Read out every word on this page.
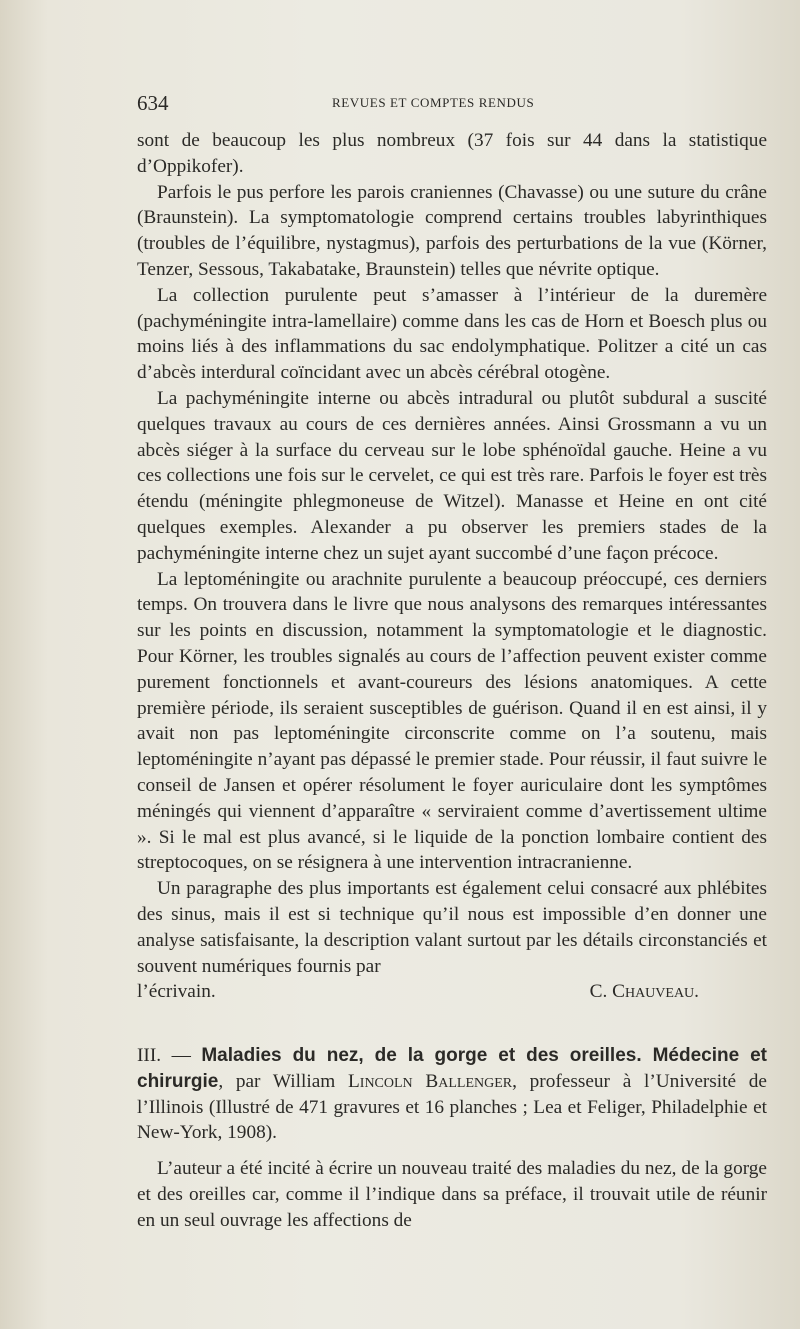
634	REVUES ET COMPTES RENDUS

sont de beaucoup les plus nombreux (37 fois sur 44 dans la statistique d’Oppikofer).

Parfois le pus perfore les parois craniennes (Chavasse) ou une suture du crâne (Braunstein). La symptomatologie comprend certains troubles labyrinthiques (troubles de l’équilibre, nystagmus), parfois des perturbations de la vue (Körner, Tenzer, Sessous, Takabatake, Braunstein) telles que névrite optique.

La collection purulente peut s’amasser à l’intérieur de la duremère (pachyméningite intra-lamellaire) comme dans les cas de Horn et Boesch plus ou moins liés à des inflammations du sac endolymphatique. Politzer a cité un cas d’abcès interdural coïncidant avec un abcès cérébral otogène.

La pachyméningite interne ou abcès intradural ou plutôt subdural a suscité quelques travaux au cours de ces dernières années. Ainsi Grossmann a vu un abcès siéger à la surface du cerveau sur le lobe sphénoïdal gauche. Heine a vu ces collections une fois sur le cervelet, ce qui est très rare. Parfois le foyer est très étendu (méningite phlegmoneuse de Witzel). Manasse et Heine en ont cité quelques exemples. Alexander a pu observer les premiers stades de la pachyméningite interne chez un sujet ayant succombé d’une façon précoce.

La leptoméningite ou arachnite purulente a beaucoup préoccupé, ces derniers temps. On trouvera dans le livre que nous analysons des remarques intéressantes sur les points en discussion, notamment la symptomatologie et le diagnostic. Pour Körner, les troubles signalés au cours de l’affection peuvent exister comme purement fonctionnels et avant-coureurs des lésions anatomiques. A cette première période, ils seraient susceptibles de guérison. Quand il en est ainsi, il y avait non pas leptoméningite circonscrite comme on l’a soutenu, mais leptoméningite n’ayant pas dépassé le premier stade. Pour réussir, il faut suivre le conseil de Jansen et opérer résolument le foyer auriculaire dont les symptômes méningés qui viennent d’apparaître « serviraient comme d’avertissement ultime ». Si le mal est plus avancé, si le liquide de la ponction lombaire contient des streptocoques, on se résignera à une intervention intracranienne.

Un paragraphe des plus importants est également celui consacré aux phlébites des sinus, mais il est si technique qu’il nous est impossible d’en donner une analyse satisfaisante, la description valant surtout par les détails circonstanciés et souvent numériques fournis par

l’écrivain.	C. Chauveau.

III. — Maladies du nez, de la gorge et des oreilles. Médecine et chirurgie, par William Lincoln Ballenger, professeur à l’Université de l’Illinois (Illustré de 471 gravures et 16 planches ; Lea et Feliger, Philadelphie et New-York, 1908).

L’auteur a été incité à écrire un nouveau traité des maladies du nez, de la gorge et des oreilles car, comme il l’indique dans sa préface, il trouvait utile de réunir en un seul ouvrage les affections de
